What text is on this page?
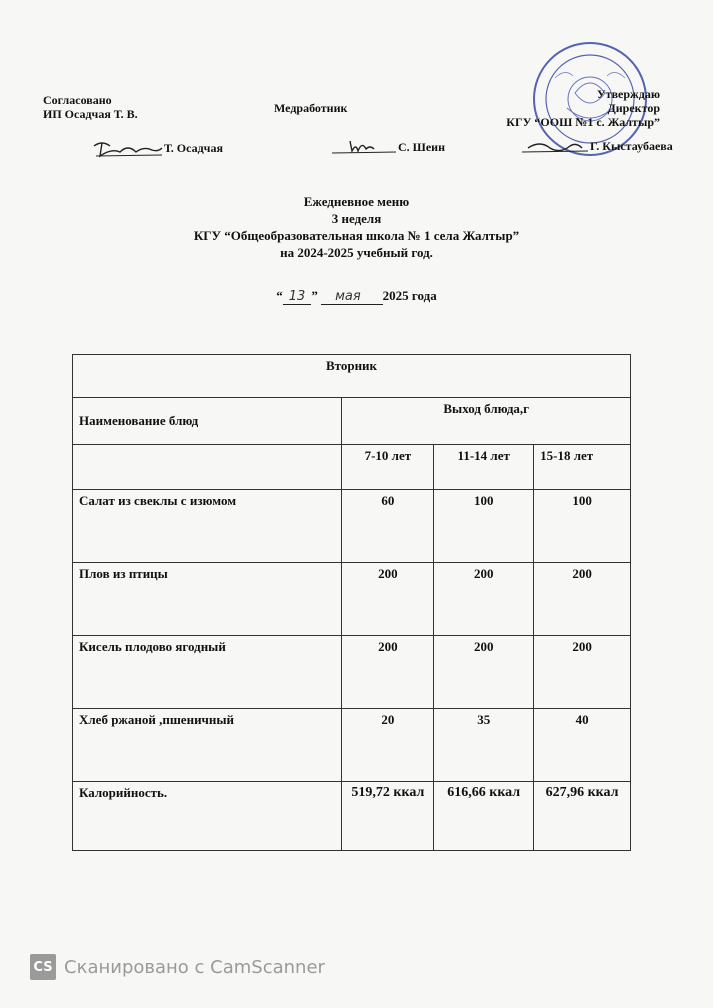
Согласовано
ИП Осадчая Т. В.	Медработник
Утверждаю
Директор
КГУ “ООШ №1 с. Жалтыр”
Т. Осадчая	С. Шеин	Г. Кыстаубаева
Ежедневное меню
3 неделя
КГУ “Общеобразовательная школа № 1 села Жалтыр”
на 2024-2025 учебный год.
“ 13 ” мая 2025 года
Вторник			
Наименование блюд	Выход блюда,г		
	7-10 лет	11-14 лет	15-18 лет
Салат из свеклы с изюмом	60	100	100
Плов из птицы	200	200	200
Кисель плодово ягодный	200	200	200
Хлеб ржаной ,пшеничный	20	35	40
Калорийность.	519,72 ккал	616,66 ккал	627,96 ккал
CS Сканировано с CamScanner
